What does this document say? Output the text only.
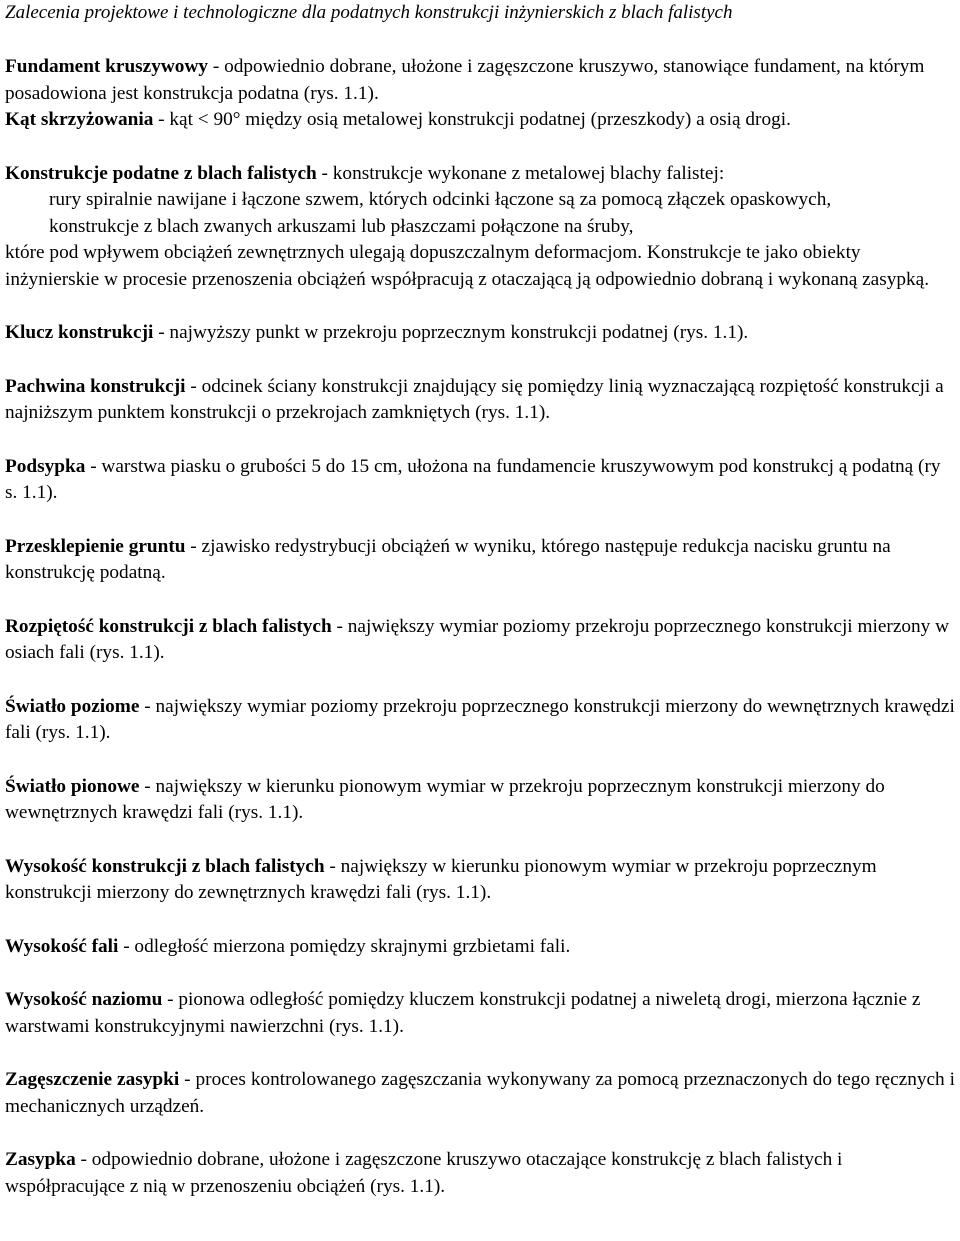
Zalecenia projektowe i technologiczne dla podatnych konstrukcji inżynierskich z blach falistych

Fundament kruszywowy - odpowiednio dobrane, ułożone i zagęszczone kruszywo, stanowiące fundament, na którym posadowiona jest konstrukcja podatna (rys. 1.1).

Kąt skrzyżowania - kąt < 90° między osią metalowej konstrukcji podatnej (przeszkody) a osią drogi.

Konstrukcje podatne z blach falistych - konstrukcje wykonane z metalowej blachy falistej:

rury spiralnie nawijane i łączone szwem, których odcinki łączone są za pomocą złączek opaskowych,
konstrukcje z blach zwanych arkuszami lub płaszczami połączone na śruby,

które pod wpływem obciążeń zewnętrznych ulegają dopuszczalnym deformacjom. Konstrukcje te jako obiekty inżynierskie w procesie przenoszenia obciążeń współpracują z otaczającą ją odpowiednio dobraną i wykonaną zasypką.

Klucz konstrukcji - najwyższy punkt w przekroju poprzecznym konstrukcji podatnej (rys. 1.1).

Pachwina konstrukcji - odcinek ściany konstrukcji znajdujący się pomiędzy linią wyznaczającą rozpiętość konstrukcji a najniższym punktem konstrukcji o przekrojach zamkniętych (rys. 1.1).

Podsypka - warstwa piasku o grubości 5 do 15 cm, ułożona na fundamencie kruszywowym pod konstrukcj ą podatną (ry s. 1.1).

Przesklepienie gruntu - zjawisko redystrybucji obciążeń w wyniku, którego następuje redukcja nacisku gruntu na konstrukcję podatną.

Rozpiętość konstrukcji z blach falistych - największy wymiar poziomy przekroju poprzecznego konstrukcji mierzony w osiach fali (rys. 1.1).

Światło poziome - największy wymiar poziomy przekroju poprzecznego konstrukcji mierzony do wewnętrznych krawędzi fali (rys. 1.1).

Światło pionowe - największy w kierunku pionowym wymiar w przekroju poprzecznym konstrukcji mierzony do wewnętrznych krawędzi fali (rys. 1.1).

Wysokość konstrukcji z blach falistych - największy w kierunku pionowym wymiar w przekroju poprzecznym konstrukcji mierzony do zewnętrznych krawędzi fali (rys. 1.1).

Wysokość fali - odległość mierzona pomiędzy skrajnymi grzbietami fali.

Wysokość naziomu - pionowa odległość pomiędzy kluczem konstrukcji podatnej a niweletą drogi, mierzona łącznie z warstwami konstrukcyjnymi nawierzchni (rys. 1.1).

Zagęszczenie zasypki - proces kontrolowanego zagęszczania wykonywany za pomocą przeznaczonych do tego ręcznych i mechanicznych urządzeń.

Zasypka - odpowiednio dobrane, ułożone i zagęszczone kruszywo otaczające konstrukcję z blach falistych i współpracujące z nią w przenoszeniu obciążeń (rys. 1.1).
